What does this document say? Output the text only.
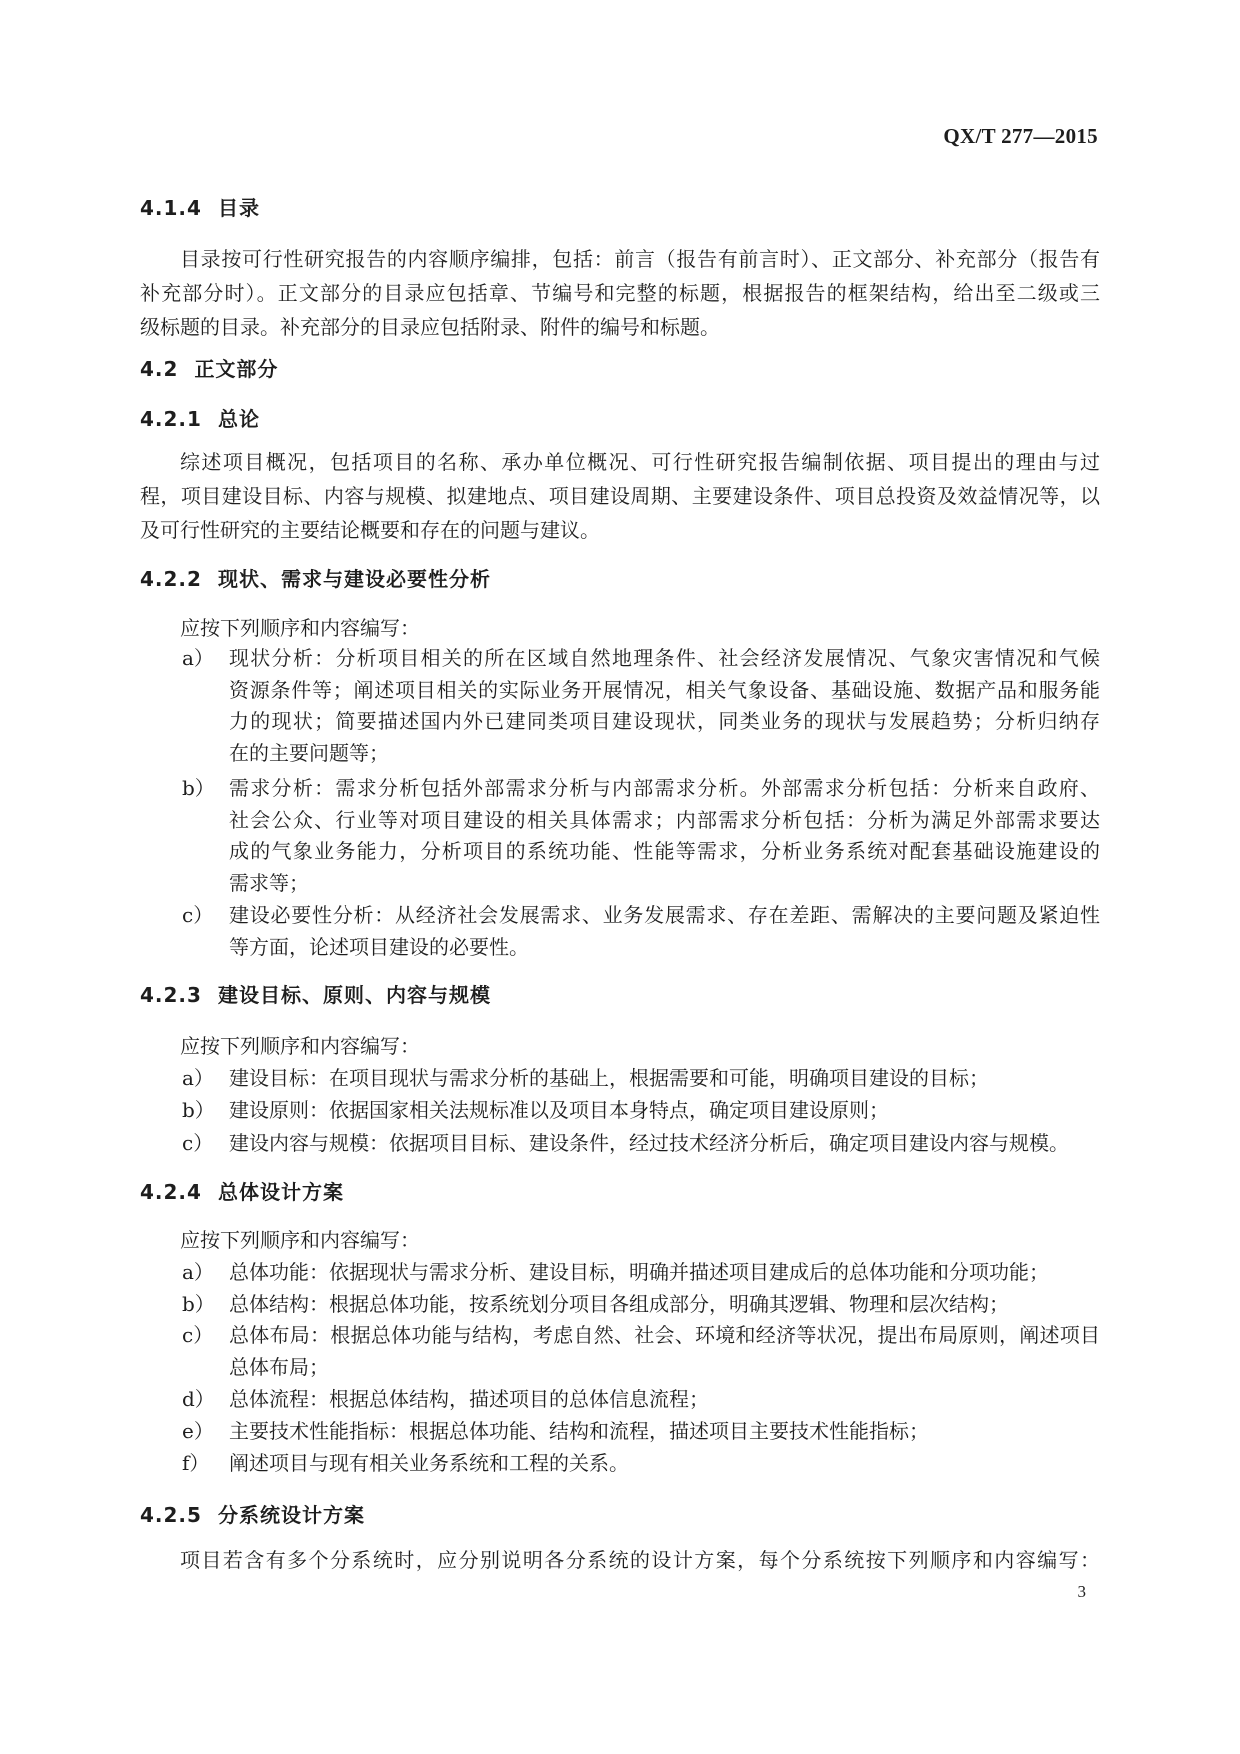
QX/T 277—2015
4.1.4 目录
目录按可行性研究报告的内容顺序编排，包括：前言（报告有前言时）、正文部分、补充部分（报告有
补充部分时）。正文部分的目录应包括章、节编号和完整的标题，根据报告的框架结构，给出至二级或三
级标题的目录。补充部分的目录应包括附录、附件的编号和标题。
4.2 正文部分
4.2.1 总论
综述项目概况，包括项目的名称、承办单位概况、可行性研究报告编制依据、项目提出的理由与过
程，项目建设目标、内容与规模、拟建地点、项目建设周期、主要建设条件、项目总投资及效益情况等，以
及可行性研究的主要结论概要和存在的问题与建议。
4.2.2 现状、需求与建设必要性分析
应按下列顺序和内容编写：
a） 现状分析：分析项目相关的所在区域自然地理条件、社会经济发展情况、气象灾害情况和气候
资源条件等；阐述项目相关的实际业务开展情况，相关气象设备、基础设施、数据产品和服务能
力的现状；简要描述国内外已建同类项目建设现状，同类业务的现状与发展趋势；分析归纳存
在的主要问题等；
b） 需求分析：需求分析包括外部需求分析与内部需求分析。外部需求分析包括：分析来自政府、
社会公众、行业等对项目建设的相关具体需求；内部需求分析包括：分析为满足外部需求要达
成的气象业务能力，分析项目的系统功能、性能等需求，分析业务系统对配套基础设施建设的
需求等；
c） 建设必要性分析：从经济社会发展需求、业务发展需求、存在差距、需解决的主要问题及紧迫性
等方面，论述项目建设的必要性。
4.2.3 建设目标、原则、内容与规模
应按下列顺序和内容编写：
a） 建设目标：在项目现状与需求分析的基础上，根据需要和可能，明确项目建设的目标；
b） 建设原则：依据国家相关法规标准以及项目本身特点，确定项目建设原则；
c） 建设内容与规模：依据项目目标、建设条件，经过技术经济分析后，确定项目建设内容与规模。
4.2.4 总体设计方案
应按下列顺序和内容编写：
a） 总体功能：依据现状与需求分析、建设目标，明确并描述项目建成后的总体功能和分项功能；
b） 总体结构：根据总体功能，按系统划分项目各组成部分，明确其逻辑、物理和层次结构；
c） 总体布局：根据总体功能与结构，考虑自然、社会、环境和经济等状况，提出布局原则，阐述项目
总体布局；
d） 总体流程：根据总体结构，描述项目的总体信息流程；
e） 主要技术性能指标：根据总体功能、结构和流程，描述项目主要技术性能指标；
f） 阐述项目与现有相关业务系统和工程的关系。
4.2.5 分系统设计方案
项目若含有多个分系统时，应分别说明各分系统的设计方案，每个分系统按下列顺序和内容编写：
3
